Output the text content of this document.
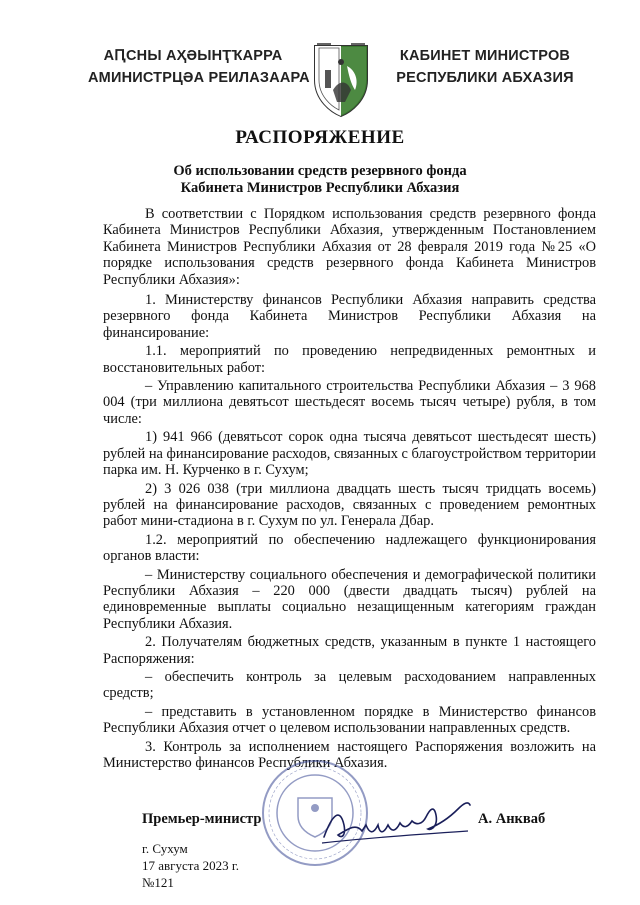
АԤСНЫ АҲӘЫНҬҠАРРА
АМИНИСТРЦӘА РЕИЛАЗААРА
КАБИНЕТ МИНИСТРОВ
РЕСПУБЛИКИ АБХАЗИЯ
РАСПОРЯЖЕНИЕ
Об использовании средств резервного фонда
Кабинета Министров Республики Абхазия

В соответствии с Порядком использования средств резервного фонда Кабинета Министров Республики Абхазия, утвержденным Постановлением Кабинета Министров Республики Абхазия от 28 февраля 2019 года №25 «О порядке использования средств резервного фонда Кабинета Министров Республики Абхазия»:

1. Министерству финансов Республики Абхазия направить средства резервного фонда Кабинета Министров Республики Абхазия на финансирование:

1.1. мероприятий по проведению непредвиденных ремонтных и восстановительных работ:

– Управлению капитального строительства Республики Абхазия – 3 968 004 (три миллиона девятьсот шестьдесят восемь тысяч четыре) рубля, в том числе:

1) 941 966 (девятьсот сорок одна тысяча девятьсот шестьдесят шесть) рублей на финансирование расходов, связанных с благоустройством территории парка им. Н. Курченко в г. Сухум;

2) 3 026 038 (три миллиона двадцать шесть тысяч тридцать восемь) рублей на финансирование расходов, связанных с проведением ремонтных работ мини-стадиона в г. Сухум по ул. Генерала Дбар.

1.2. мероприятий по обеспечению надлежащего функционирования органов власти:

– Министерству социального обеспечения и демографической политики Республики Абхазия – 220 000 (двести двадцать тысяч) рублей на единовременные выплаты социально незащищенным категориям граждан Республики Абхазия.

2. Получателям бюджетных средств, указанным в пункте 1 настоящего Распоряжения:

– обеспечить контроль за целевым расходованием направленных средств;

– представить в установленном порядке в Министерство финансов Республики Абхазия отчет о целевом использовании направленных средств.

3. Контроль за исполнением настоящего Распоряжения возложить на Министерство финансов Республики Абхазия.

Премьер-министр	А. Анкваб
г. Сухум
17 августа 2023 г.
№121
